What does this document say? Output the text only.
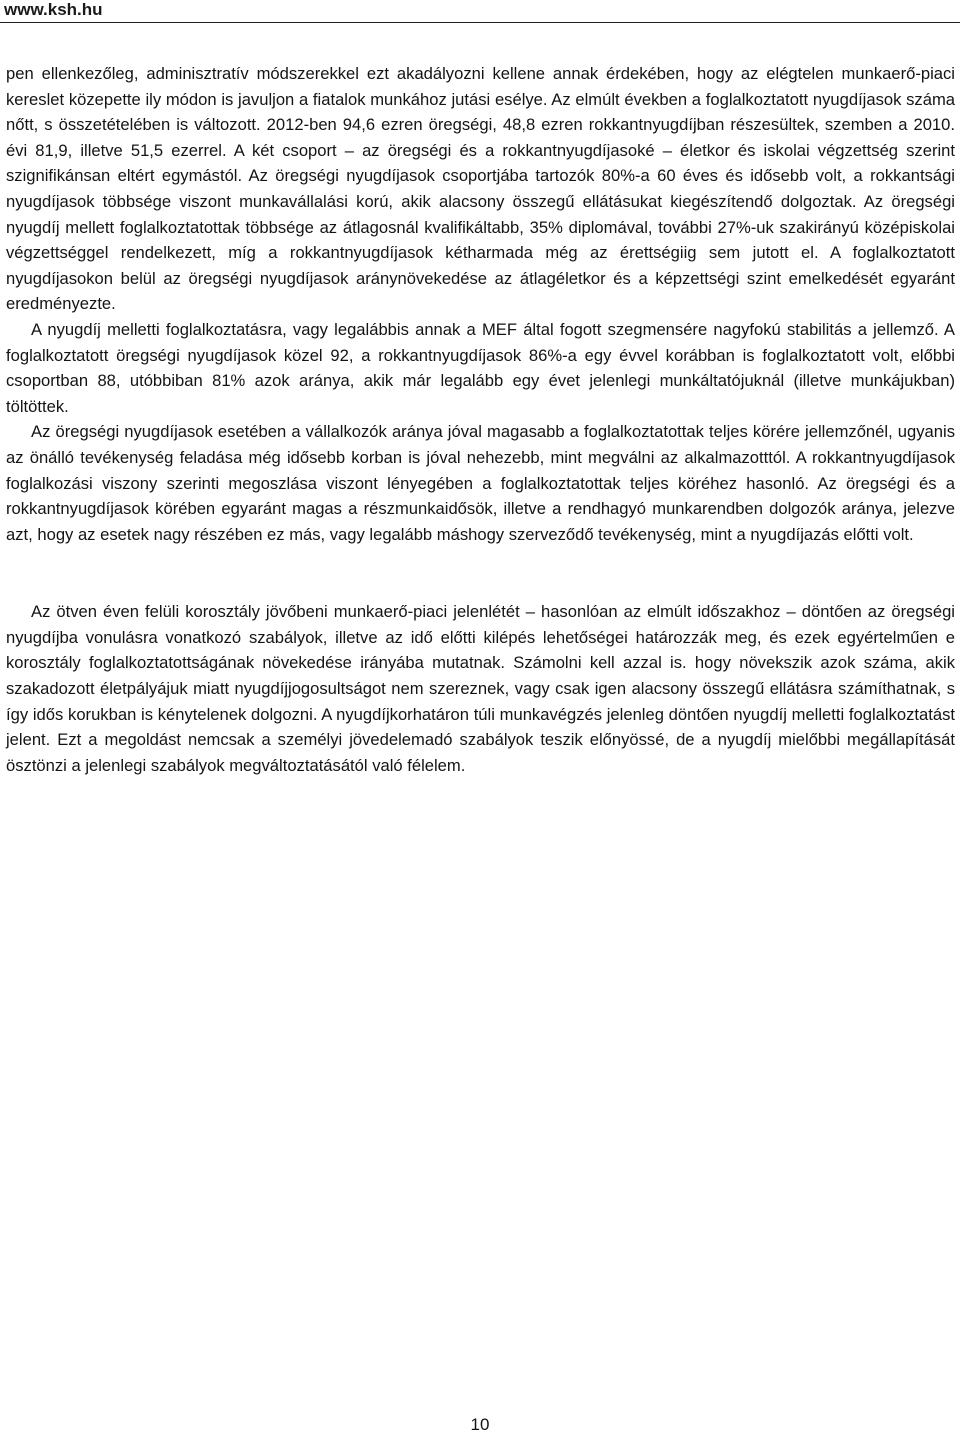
www.ksh.hu

pen ellenkezőleg, adminisztratív módszerekkel ezt akadályozni kellene annak érdekében, hogy az elégtelen munkaerő-piaci kereslet közepette ily módon is javuljon a fiatalok munkához jutási esélye. Az elmúlt években a foglalkoztatott nyugdíjasok száma nőtt, s összetételében is változott. 2012-ben 94,6 ezren öregségi, 48,8 ezren rokkantnyugdíjban részesültek, szemben a 2010. évi 81,9, illetve 51,5 ezerrel. A két csoport – az öregségi és a rokkantnyugdíjasoké – életkor és iskolai végzettség szerint szignifikánsan eltért egymástól. Az öregségi nyugdíjasok csoportjába tartozók 80%-a 60 éves és idősebb volt, a rokkantsági nyugdíjasok többsége viszont munkavállalási korú, akik alacsony összegű ellátásukat kiegészítendő dolgoztak. Az öregségi nyugdíj mellett foglalkoztatottak többsége az átlagosnál kvalifikáltabb, 35% diplomával, további 27%-uk szakirányú középiskolai végzettséggel rendelkezett, míg a rokkantnyugdíjasok kétharmada még az érettségiig sem jutott el. A foglalkoztatott nyugdíjasokon belül az öregségi nyugdíjasok aránynövekedése az átlagéletkor és a képzettségi szint emelkedését egyaránt eredményezte.

A nyugdíj melletti foglalkoztatásra, vagy legalábbis annak a MEF által fogott szegmensére nagyfokú stabilitás a jellemző. A foglalkoztatott öregségi nyugdíjasok közel 92, a rokkantnyugdíjasok 86%-a egy évvel korábban is foglalkoztatott volt, előbbi csoportban 88, utóbbiban 81% azok aránya, akik már legalább egy évet jelenlegi munkáltatójuknál (illetve munkájukban) töltöttek.

Az öregségi nyugdíjasok esetében a vállalkozók aránya jóval magasabb a foglalkoztatottak teljes körére jellemzőnél, ugyanis az önálló tevékenység feladása még idősebb korban is jóval nehezebb, mint megválni az alkalmazotttól. A rokkantnyugdíjasok foglalkozási viszony szerinti megoszlása viszont lényegében a foglalkoztatottak teljes köréhez hasonló. Az öregségi és a rokkantnyugdíjasok körében egyaránt magas a részmunkaidősök, illetve a rendhagyó munkarendben dolgozók aránya, jelezve azt, hogy az esetek nagy részében ez más, vagy legalább máshogy szerveződő tevékenység, mint a nyugdíjazás előtti volt.

Az ötven éven felüli korosztály jövőbeni munkaerő-piaci jelenlétét – hasonlóan az elmúlt időszakhoz – döntően az öregségi nyugdíjba vonulásra vonatkozó szabályok, illetve az idő előtti kilépés lehetőségei határozzák meg, és ezek egyértelműen e korosztály foglalkoztatottságának növekedése irányába mutatnak. Számolni kell azzal is. hogy növekszik azok száma, akik szakadozott életpályájuk miatt nyugdíjjogosultságot nem szereznek, vagy csak igen alacsony összegű ellátásra számíthatnak, s így idős korukban is kénytelenek dolgozni. A nyugdíjkorhatáron túli munkavégzés jelenleg döntően nyugdíj melletti foglalkoztatást jelent. Ezt a megoldást nemcsak a személyi jövedelemadó szabályok teszik előnyössé, de a nyugdíj mielőbbi megállapítását ösztönzi a jelenlegi szabályok megváltoztatásától való félelem.

10
